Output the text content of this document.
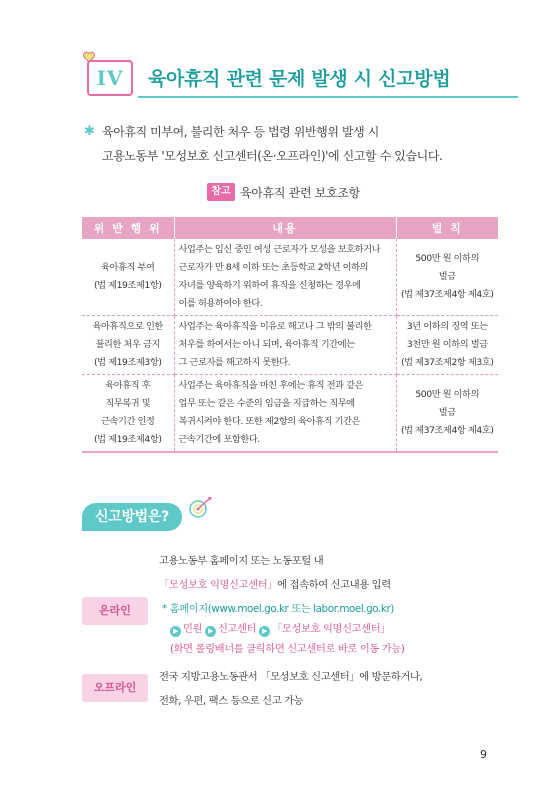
IV	육아휴직 관련 문제 발생 시 신고방법
✱ 육아휴직 미부여, 불리한 처우 등 법령 위반행위 발생 시
고용노동부 '모성보호 신고센터(온·오프라인)'에 신고할 수 있습니다.
참고 육아휴직 관련 보호조항
위 반 행 위	내용	벌 칙

육아휴직 부여
(법 제19조제1항)	사업주는 임신 중인 여성 근로자가 모성을 보호하거나
근로자가 만 8세 이하 또는 초등학교 2학년 이하의
자녀를 양육하기 위하여 휴직을 신청하는 경우에
이를 허용하여야 한다.	500만 원 이하의
벌금
(법 제37조제4항 제4호)

육아휴직으로 인한
불리한 처우 금지
(법 제19조제3항)	사업주는 육아휴직을 이유로 해고나 그 밖의 불리한
처우를 하여서는 아니 되며, 육아휴직 기간에는
그 근로자를 해고하지 못한다.	3년 이하의 징역 또는
3천만 원 이하의 벌금
(법 제37조제2항 제3호)

육아휴직 후
직무복귀 및
근속기간 인정
(법 제19조제4항)	사업주는 육아휴직을 마친 후에는 휴직 전과 같은
업무 또는 같은 수준의 임금을 지급하는 직무에
복귀시켜야 한다. 또한 제2항의 육아휴직 기간은
근속기간에 포함한다.	500만 원 이하의
벌금
(법 제37조제4항 제4호)
신고방법은?
온라인
고용노동부 홈페이지 또는 노동포털 내
「모성보호 익명신고센터」에 접속하여 신고내용 입력
* 홈페이지(www.moel.go.kr 또는 labor.moel.go.kr)
▶ 민원 ▶ 신고센터 ▶ 「모성보호 익명신고센터」
(화면 롤링배너를 클릭하면 신고센터로 바로 이동 가능)
오프라인
전국 지방고용노동관서 「모성보호 신고센터」에 방문하거나,
전화, 우편, 팩스 등으로 신고 가능
9
